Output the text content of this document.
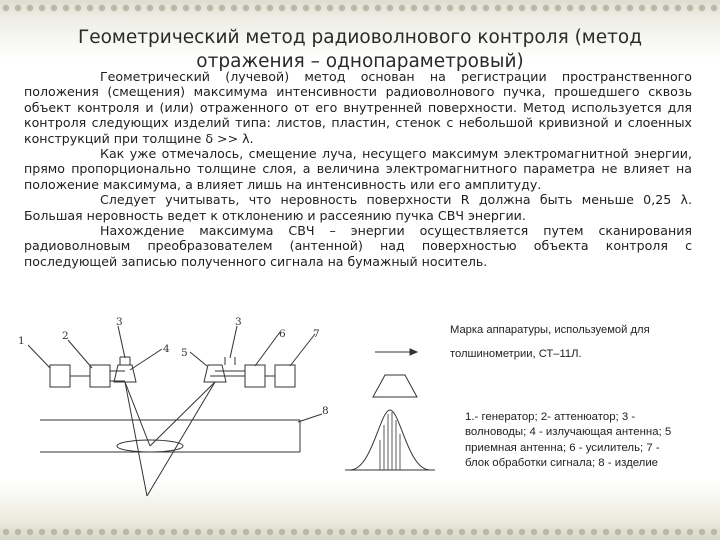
Геометрический метод радиоволнового контроля (метод отражения – однопараметровый)

Геометрический (лучевой) метод основан на регистрации пространственного положения (смещения) максимума интенсивности радиоволнового пучка, прошедшего сквозь объект контроля и (или) отраженного от его внутренней поверхности. Метод используется для контроля следующих изделий типа: листов, пластин, стенок с небольшой кривизной и слоенных конструкций при толщине δ >> λ.

Как уже отмечалось, смещение луча, несущего максимум электромагнитной энергии, прямо пропорционально толщине слоя, а величина электромагнитного параметра не влияет на положение максимума, а влияет лишь на интенсивность или его амплитуду.

Следует учитывать, что неровность поверхности R должна быть меньше 0,25 λ. Большая неровность ведет к отклонению и рассеянию пучка СВЧ энергии.

Нахождение максимума СВЧ – энергии осуществляется путем сканирования радиоволновым преобразователем (антенной) над поверхностью объекта контроля с последующей записью полученного сигнала на бумажный носитель.

1	2
3
4 5
3
6	7
8
Марка аппаратуры, используемой для
толшинометрии, СТ–11Л.
1.- генератор; 2- аттенюатор; 3 - волноводы; 4 - излучающая антенна; 5 приемная антенна; 6 - усилитель; 7 - блок обработки сигнала; 8 - изделие
